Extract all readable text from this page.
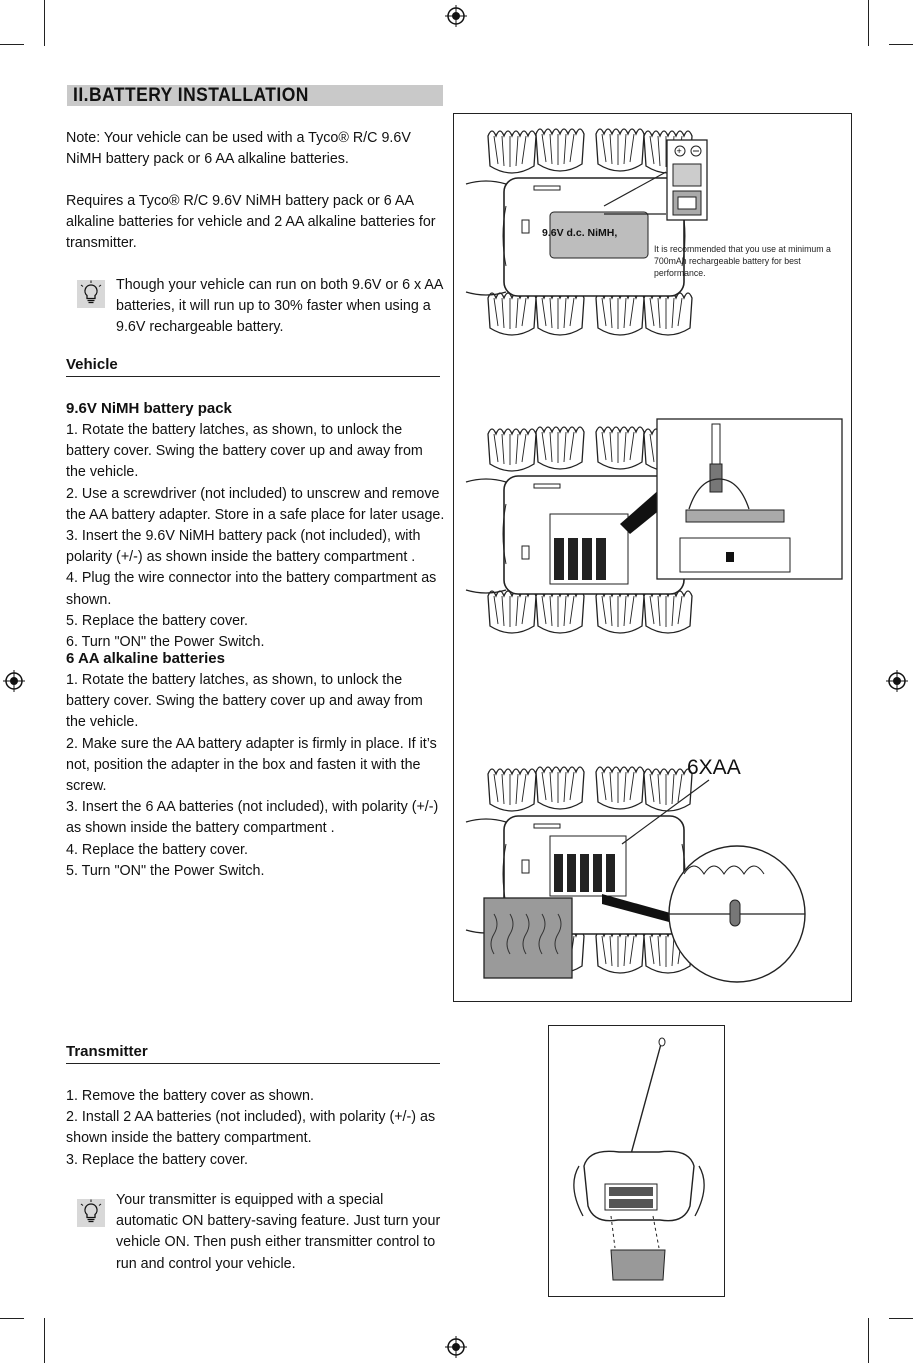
II.BATTERY INSTALLATION

Note: Your vehicle can be used with a Tyco® R/C 9.6V NiMH battery pack or 6 AA alkaline batteries.

Requires a Tyco® R/C 9.6V NiMH battery pack or 6 AA alkaline batteries for vehicle and 2 AA alkaline batteries for transmitter.

Though your vehicle can run on both 9.6V or 6 x AA batteries, it will run up to 30% faster when using a 9.6V rechargeable battery.
Vehicle
9.6V NiMH battery pack

1. Rotate the battery latches, as shown, to unlock the battery cover. Swing the battery cover up and away from the vehicle.

2. Use a screwdriver (not included) to unscrew and remove the AA battery adapter. Store in a safe place for later usage.

3. Insert the 9.6V NiMH battery pack (not included), with polarity (+/-) as shown inside the battery compartment .

4. Plug the wire connector into the battery compartment as shown.

5. Replace the battery cover.

6. Turn "ON" the Power Switch.

6 AA alkaline batteries

1. Rotate the battery latches, as shown, to unlock the battery cover. Swing the battery cover up and away from the vehicle.

2. Make sure the AA battery adapter is firmly in place. If it’s not, position the adapter in the box and fasten it with the screw.

3. Insert the 6 AA batteries (not included), with polarity (+/-) as shown inside the battery compartment .

4. Replace the battery cover.

5. Turn "ON" the Power Switch.

Transmitter

1. Remove the battery cover as shown.

2. Install 2 AA batteries (not included), with polarity (+/-) as shown inside the battery compartment.

3. Replace the battery cover.

Your transmitter is equipped with a special automatic ON battery-saving feature. Just turn your vehicle ON. Then push either transmitter control to run and control your vehicle.
9.6V d.c. NiMH,
+
6XAA
It is recommended that you use at minimum a 700mAh rechargeable battery for best performance.
